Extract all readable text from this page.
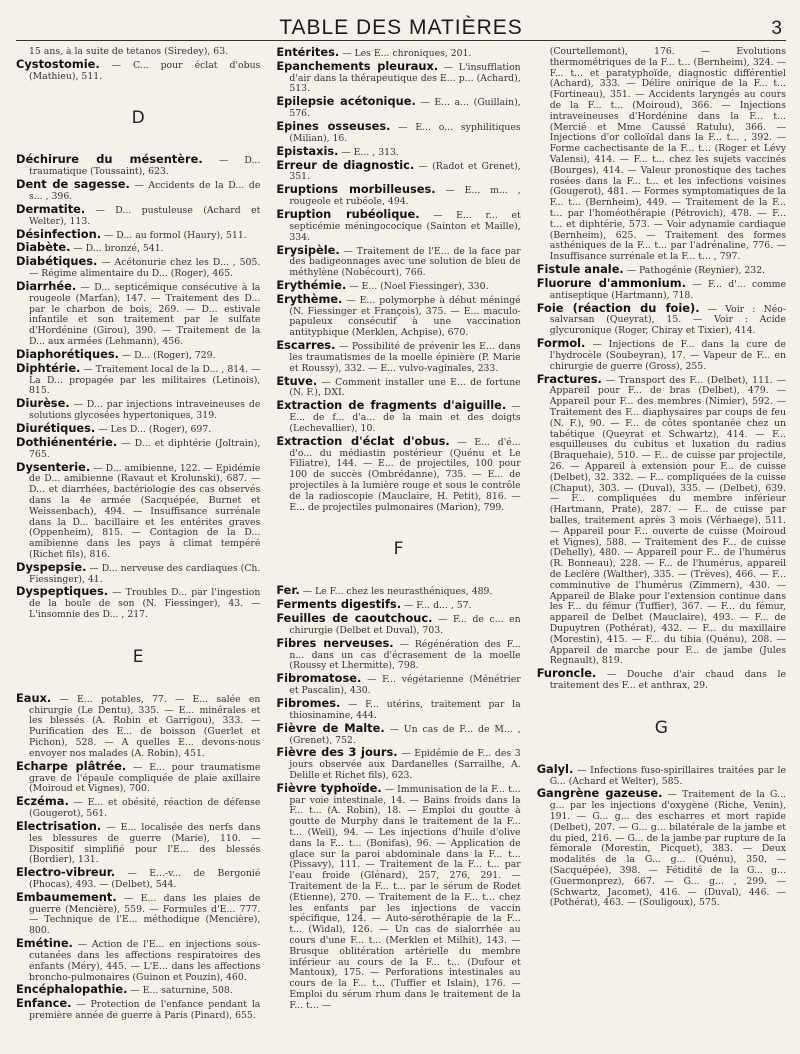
TABLE DES MATIÈRES	3
15 ans, à la suite de tétanos (Siredey), 63.
Cystostomie. — C... pour éclat d'obus (Mathieu), 511.
D
Déchirure du mésentère. — D... traumatique (Toussaint), 623.
Dent de sagesse. — Accidents de la D... de s... , 396.
Dermatite. — D... pustuleuse (Achard et Welter), 113.
Désinfection. — D... au formol (Haury), 511.
Diabète. — D... bronzé, 541.
Diabétiques. — Acétonurie chez les D... , 505. — Régime alimentaire du D... (Roger), 465.
Diarrhée. — D... septicémique consécutive à la rougeole (Marfan), 147. — Traitement des D... par le charbon de bois, 269. — D... estivale infantile et son traitement par le sulfate d'Hordénine (Girou), 390. — Traitement de la D... aux armées (Lehmann), 456.
Diaphorétiques. — D... (Roger), 729.
Diphtérie. — Traitement local de la D... , 814. — La D... propagée par les militaires (Letinois), 815.
Diurèse. — D... par injections intraveineuses de solutions glycosées hypertoniques, 319.
Diurétiques. — Les D... (Roger), 697.
Dothiénentérie. — D... et diphtérie (Joltrain), 765.
Dysenterie. — D... amibienne, 122. — Epidémie de D... amibienne (Ravaut et Krolunski), 687. — D... et diarrhées, bactériologie des cas observés dans la 4e armée (Sacquépée, Burnet et Weissenbach), 494. — Insuffisance surrénale dans la D... bacillaire et les entérites graves (Oppenheim), 815. — Contagion de la D... amibienne dans les pays à climat tempéré (Richet fils), 816.
Dyspepsie. — D... nerveuse des cardiaques (Ch. Fiessinger), 41.
Dyspeptiques. — Troubles D... par l'ingestion de la boule de son (N. Fiessinger), 43. — L'insomnie des D... , 217.
E
Eaux. — E... potables, 77. — E... salée en chirurgie (Le Dentu), 335. — E... minérales et les blessés (A. Robin et Garrigou), 333. — Purification des E... de boisson (Guerlet et Pichon), 528. — A quelles E... devons-nous envoyer nos malades (A. Robin), 451.
Echarpe plâtrée. — E... pour traumatisme grave de l'épaule compliquée de plaie axillaire (Moiroud et Vignes), 700.
Eczéma. — E... et obésité, réaction de défense (Gougerot), 561.
Electrisation. — E... localisée des nerfs dans les blessures de guerre (Marie), 110. — Dispositif simplifié pour l'E... des blessés (Bordier), 131.
Electro-vibreur. — E...-v... de Bergonié (Phocas), 493. — (Delbet), 544.
Embaumement. — E... dans les plaies de guerre (Mencière), 559. — Formules d'E... 777. — Technique de l'E... méthodique (Mencière), 800.
Emétine. — Action de l'E... en injections sous-cutanées dans les affections respiratoires des enfants (Méry), 445. — L'E... dans les affections broncho-pulmonaires (Guinon et Pouzin), 460.
Encéphalopathie. — E... saturnine, 508.
Enfance. — Protection de l'enfance pendant la première année de guerre à Paris (Pinard), 655.
Entérites. — Les E... chroniques, 201.
Epanchements pleuraux. — L'insufflation d'air dans la thérapeutique des E... p... (Achard), 513.
Epilepsie acétonique. — E... a... (Guillain), 576.
Epines osseuses. — E... o... syphilitiques (Milian), 16.
Epistaxis. — E... , 313.
Erreur de diagnostic. — (Radot et Grenet), 351.
Eruptions morbilleuses. — E... m... , rougeole et rubéole, 494.
Eruption rubéolique. — E... r... et septicémie méningococique (Sainton et Maille), 334.
Erysipèle. — Traitement de l'E... de la face par des badigeonnages avec une solution de bleu de méthylène (Nobécourt), 766.
Erythémie. — E... (Noel Fiessinger), 330.
Erythème. — E... polymorphe à début méningé (N. Fiessinger et François), 375. — E... maculo-papuleux consécutif à une vaccination antityphique (Merklen, Achpise), 670.
Escarres. — Possibilité de prévenir les E... dans les traumatismes de la moelle épinière (P. Marie et Roussy), 332. — E... vulvo-vaginales, 233.
Etuve. — Comment installer une E... de fortune (N. F.), DXI.
Extraction de fragments d'aiguille. — E... de f... d'a... de la main et des doigts (Lechevallier), 10.
Extraction d'éclat d'obus. — E... d'é... d'o... du médiastin postérieur (Quénu et Le Filiatre), 144. — E... de projectiles, 100 pour 100 de succès (Ombrédanne), 735. — E... de projectiles à la lumière rouge et sous le contrôle de la radioscopie (Mauclaire, H. Petit), 816. — E... de projectiles pulmonaires (Marion), 799.
F
Fer. — Le F... chez les neurasthéniques, 489.
Ferments digestifs. — F... d... , 57.
Feuilles de caoutchouc. — F... de c... en chirurgie (Delbet et Duval), 703.
Fibres nerveuses. — Régénération des F... n... dans un cas d'écrasement de la moelle (Roussy et Lhermitte), 798.
Fibromatose. — F... végétarienne (Ménétrier et Pascalin), 430.
Fibromes. — F... utérins, traitement par la thiosinamine, 444.
Fièvre de Malte. — Un cas de F... de M... , (Grenet), 752.
Fièvre des 3 jours. — Epidémie de F... des 3 jours observée aux Dardanelles (Sarrailhe, A. Delille et Richet fils), 623.
Fièvre typhoïde. — Immunisation de la F... t... par voie intestinale, 14. — Bains froids dans la F... t... (A. Robin), 18. — Emploi du goutte à goutte de Murphy dans le traitement de la F... t... (Weil), 94. — Les injections d'huile d'olive dans la F... t... (Bonifas), 96. — Application de glace sur la paroi abdominale dans la F... t... (Pissavy), 111. — Traitement de la F... t... par l'eau froide (Glénard), 257, 276, 291. — Traitement de la F... t... par le sérum de Rodet (Etienne), 270. — Traitement de la F... t... chez les enfants par les injections de vaccin spécifique, 124. — Auto-sérothérapie de la F... t... (Widal), 126. — Un cas de sialorrhée au cours d'une F... t... (Merklen et Milhit), 143. — Brusque oblitération artérielle du membre inférieur au cours de la F... t... (Dufour et Mantoux), 175. — Perforations intestinales au cours de la F... t... (Tuffier et Islain), 176. — Emploi du sérum rhum dans le traitement de la F... t... —
(Courtellemont), 176. — Evolutions thermométriques de la F... t... (Bernheim), 324. — F... t... et paratyphoïde, diagnostic différentiel (Achard), 333. — Délire onirique de la F... t... (Fortineau), 351. — Accidents laryngés au cours de la F... t... (Moiroud), 366. — Injections intraveineuses d'Hordénine dans la F... t... (Mercié et Mme Caussé Ratulu), 366. — Injections d'or colloïdal dans la F... t... , 392. — Forme cachectisante de la F... t... (Roger et Lévy Valensi), 414. — F... t... chez les sujets vaccinés (Bourges), 414. — Valeur pronostique des taches rosées dans la F... t... et les infections voisines (Gougerot), 481. — Formes symptomatiques de la F... t... (Bernheim), 449. — Traitement de la F... t... par l'homéothérapie (Pétrovich), 478. — F... t... et diphtérie, 573. — Voir adynamie cardiaque (Bernheim), 625. — Traitement des formes asthéniques de la F... t... par l'adrénaline, 776. — Insuffisance surrénale et la F... t... , 797.
Fistule anale. — Pathogénie (Reynier), 232.
Fluorure d'ammonium. — F... d'... comme antiseptique (Hartmann), 718.
Foie (réaction du foie). — Voir : Néo-salvarsan (Queyrat), 15. — Voir : Acide glycuronique (Roger, Chiray et Tixier), 414.
Formol. — Injections de F... dans la cure de l'hydrocèle (Soubeyran), 17. — Vapeur de F... en chirurgie de guerre (Gross), 255.
Fractures. — Transport des F... (Delbet), 111. — Appareil pour F... de bras (Delbet), 479. — Appareil pour F... des membres (Nimier), 592. — Traitement des F... diaphysaires par coups de feu (N. F.), 90. — F... de côtes spontanée chez un tabétique (Queyrat et Schwartz), 414. — F... esquilleuses du cubitus et luxation du radius (Braquehaie), 510. — F... de cuisse par projectile, 26. — Appareil à extension pour F... de cuisse (Delbet), 32. 332. — F... compliquées de la cuisse (Chaput), 303. — (Duval), 335. — (Delbet), 639. — F... compliquées du membre inférieur (Hartmann, Prate), 287. — F... de cuisse par balles, traitement après 3 mois (Vérhaege), 511. — Appareil pour F... ouverte de cuisse (Moiroud et Vignes), 588. — Traitement des F... de cuisse (Dehelly), 480. — Appareil pour F... de l'humérus (R. Bonneau), 228. — F... de l'humérus, appareil de Leclère (Walther), 335. — (Trèves), 466. — F... comminutive de l'humérus (Zimmern), 430. — Appareil de Blake pour l'extension continue dans les F... du fémur (Tuffier), 367. — F... du fémur, appareil de Delbet (Mauclaire), 493. — F... de Dupuytren (Pothérat), 432. — F... du maxillaire (Morestin), 415. — F... du tibia (Quénu), 208. — Appareil de marche pour F... de jambe (Jules Regnault), 819.
Furoncle. — Douche d'air chaud dans le traitement des F... et anthrax, 29.
G
Galyl. — Infections fuso-spirillaires traitées par le G... (Achard et Welter), 585.
Gangrène gazeuse. — Traitement de la G... g... par les injections d'oxygène (Riche, Venin), 191. — G... g... des escharres et mort rapide (Delbet), 207. — G... g... bilatérale de la jambe et du pied, 216. — G... de la jambe par rupture de la fémorale (Morestin, Picquet), 383. — Deux modalités de la G... g... (Quénu), 350. — (Sacquépée), 398. — Fétidité de la G... g... (Guermonprez), 667. — G... g... , 299. — (Schwartz, Jacomet), 416. — (Duval), 446. — (Pothérat), 463. — (Souligoux), 575.
